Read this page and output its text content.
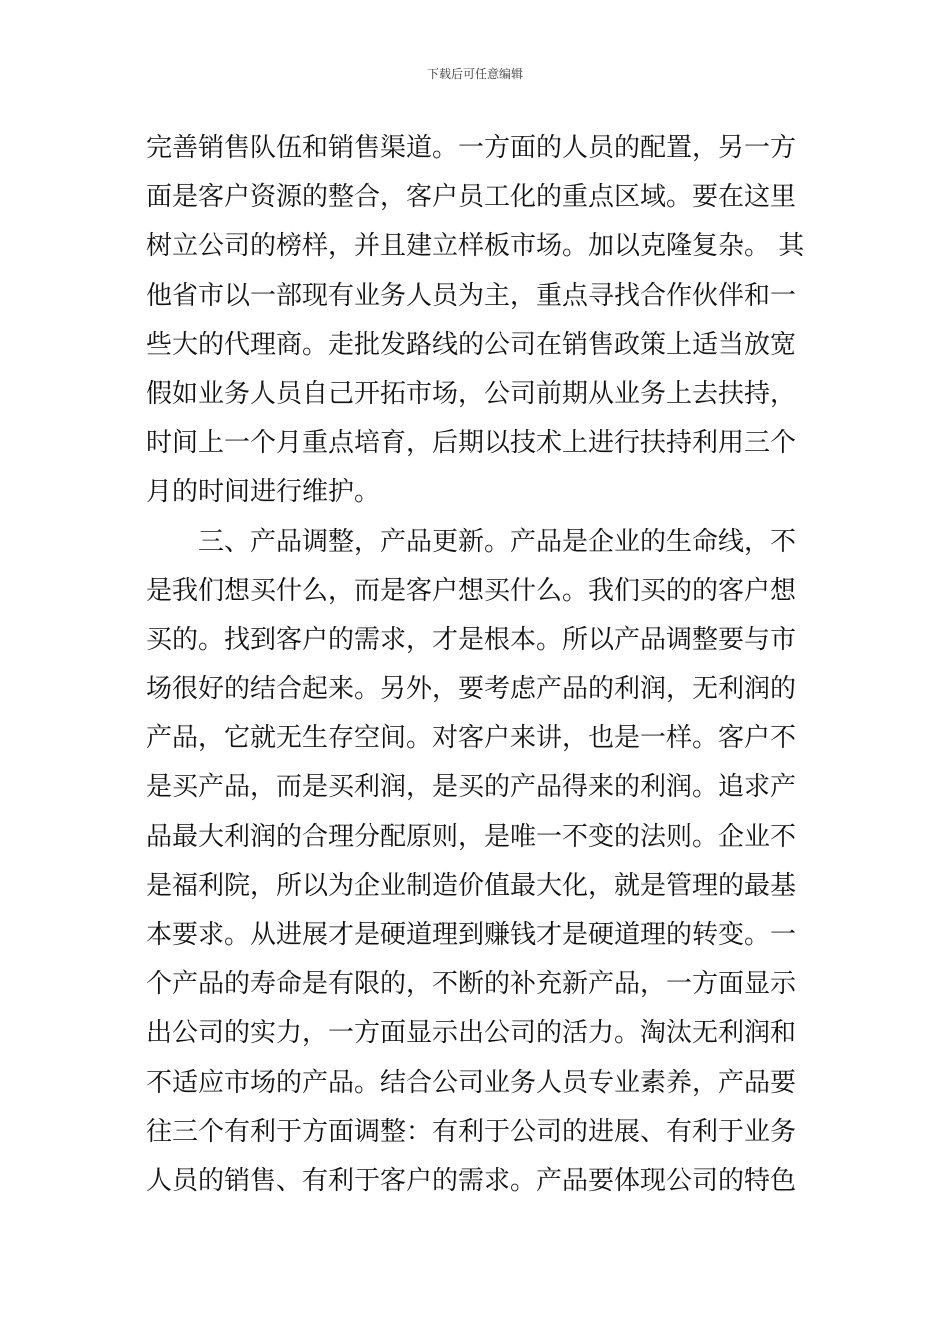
下载后可任意编辑
完善销售队伍和销售渠道。一方面的人员的配置，另一方
面是客户资源的整合，客户员工化的重点区域。要在这里
树立公司的榜样，并且建立样板市场。加以克隆复杂。 其
他省市以一部现有业务人员为主，重点寻找合作伙伴和一
些大的代理商。走批发路线的公司在销售政策上适当放宽
假如业务人员自己开拓市场，公司前期从业务上去扶持，
时间上一个月重点培育，后期以技术上进行扶持利用三个
月的时间进行维护。
三、产品调整，产品更新。产品是企业的生命线，不
是我们想买什么，而是客户想买什么。我们买的的客户想
买的。找到客户的需求，才是根本。所以产品调整要与市
场很好的结合起来。另外，要考虑产品的利润，无利润的
产品，它就无生存空间。对客户来讲，也是一样。客户不
是买产品，而是买利润，是买的产品得来的利润。追求产
品最大利润的合理分配原则，是唯一不变的法则。企业不
是福利院，所以为企业制造价值最大化，就是管理的最基
本要求。从进展才是硬道理到赚钱才是硬道理的转变。一
个产品的寿命是有限的，不断的补充新产品，一方面显示
出公司的实力，一方面显示出公司的活力。淘汰无利润和
不适应市场的产品。结合公司业务人员专业素养，产品要
往三个有利于方面调整：有利于公司的进展、有利于业务
人员的销售、有利于客户的需求。产品要体现公司的特色
